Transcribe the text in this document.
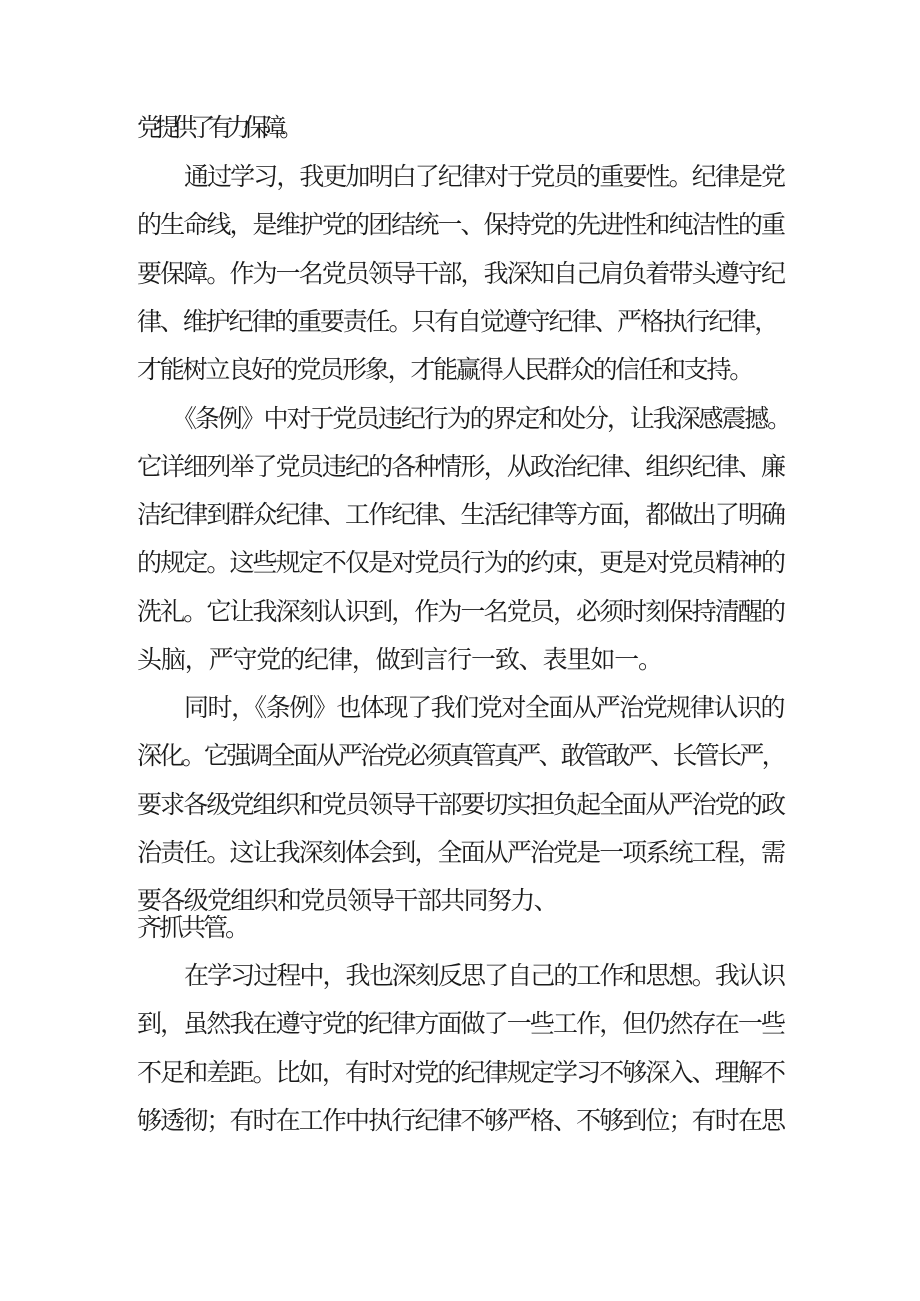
党提供了有力保障。
通过学习，我更加明白了纪律对于党员的重要性。纪律是党
的生命线，是维护党的团结统一、保持党的先进性和纯洁性的重
要保障。作为一名党员领导干部，我深知自己肩负着带头遵守纪
律、维护纪律的重要责任。只有自觉遵守纪律、严格执行纪律，
才能树立良好的党员形象，才能赢得人民群众的信任和支持。
《条例》中对于党员违纪行为的界定和处分，让我深感震撼。
它详细列举了党员违纪的各种情形，从政治纪律、组织纪律、廉
洁纪律到群众纪律、工作纪律、生活纪律等方面，都做出了明确
的规定。这些规定不仅是对党员行为的约束，更是对党员精神的
洗礼。它让我深刻认识到，作为一名党员，必须时刻保持清醒的
头脑，严守党的纪律，做到言行一致、表里如一。
同时，《条例》也体现了我们党对全面从严治党规律认识的
深化。它强调全面从严治党必须真管真严、敢管敢严、长管长严，
要求各级党组织和党员领导干部要切实担负起全面从严治党的政
治责任。这让我深刻体会到，全面从严治党是一项系统工程，需
要各级党组织和党员领导干部共同努力、
齐抓共管。
在学习过程中，我也深刻反思了自己的工作和思想。我认识
到，虽然我在遵守党的纪律方面做了一些工作，但仍然存在一些
不足和差距。比如，有时对党的纪律规定学习不够深入、理解不
够透彻；有时在工作中执行纪律不够严格、不够到位；有时在思
